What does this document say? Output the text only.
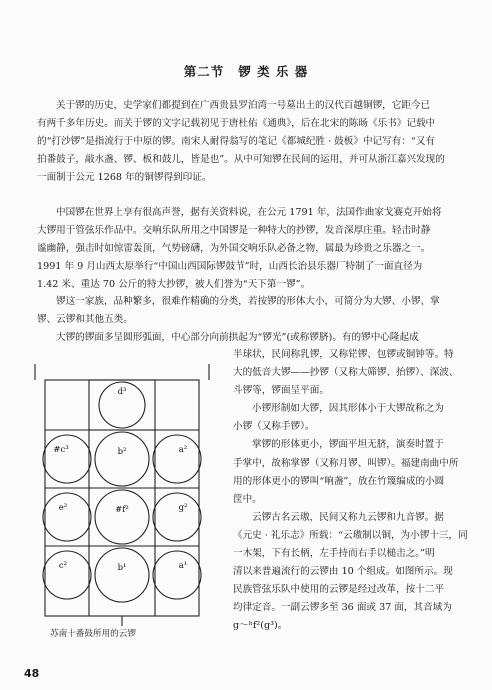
第二节 锣 类 乐 器
关于锣的历史，史学家们都提到在广西贵县罗泊湾一号墓出土的汉代百越铜锣，它距今已
有两千多年历史。而关于锣的文字记载初见于唐杜佑《通典》，后在北宋的陈旸《乐书》记载中
的“打沙锣”是指流行于中原的锣。南宋人耐得翁写的笔记《都城纪胜 · 鼓板》中记写有：“又有
拍番鼓子，敲水盏、锣、板和鼓儿，皆是也”。从中可知锣在民间的运用，并可从浙江嘉兴发现的
一面制于公元 1268 年的铜锣得到印证。
中国锣在世界上享有很高声誉，据有关资料说，在公元 1791 年，法国作曲家戈赛克开始将
大锣用于管弦乐作品中。交响乐队所用之中国锣是一种特大的抄锣，发音深厚庄重。轻击时静
谧幽静，强击时如惊雷轰顶，气势磅礴，为外国交响乐队必备之物，属最为珍贵之乐器之一。
1991 年 9 月山西太原举行“中国山西国际锣鼓节”时，山西长治县乐器厂特制了一面直径为
1.42 米、重达 70 公斤的特大抄锣，被人们誉为“天下第一锣”。
锣这一家族，品种繁多，很难作精确的分类，若按锣的形体大小，可简分为大锣、小锣、掌
锣、云锣和其他五类。
大锣的锣面多呈圆形弧面，中心部分向前拱起为“锣光”(或称锣脐)。有的锣中心隆起成
半球状，民间称乳锣，又称铓锣、包锣或铜钟等。特
大的低音大锣——抄锣（又称大筛锣、抬锣）、深波、
斗锣等，锣面呈平面。
小锣形制如大锣，因其形体小于大锣故称之为
小锣（又称手锣）。
掌锣的形体更小，锣面平坦无脐，演奏时置于
手掌中，故称掌锣（又称月锣、叫锣）。福建南曲中所
用的形体更小的锣叫“响盏”，放在竹篾编成的小圆
筐中。
云锣古名云璈，民间又称九云锣和九音锣。据
《元史 · 礼乐志》所载：“云璈制以铜，为小锣十三，同
一木架，下有长柄，左手持而右手以槌击之。”明
清以来普遍流行的云锣由 10 个组成。如图所示。现
民族管弦乐队中使用的云锣是经过改革，按十二平
均律定音。一副云锣多至 36 面或 37 面，其音域为
g～ʰf²(g³)。
d³
#c³	b²	a²
e²	#f²	g²
c²	b¹	a¹
苏南十番鼓所用的云锣
48
